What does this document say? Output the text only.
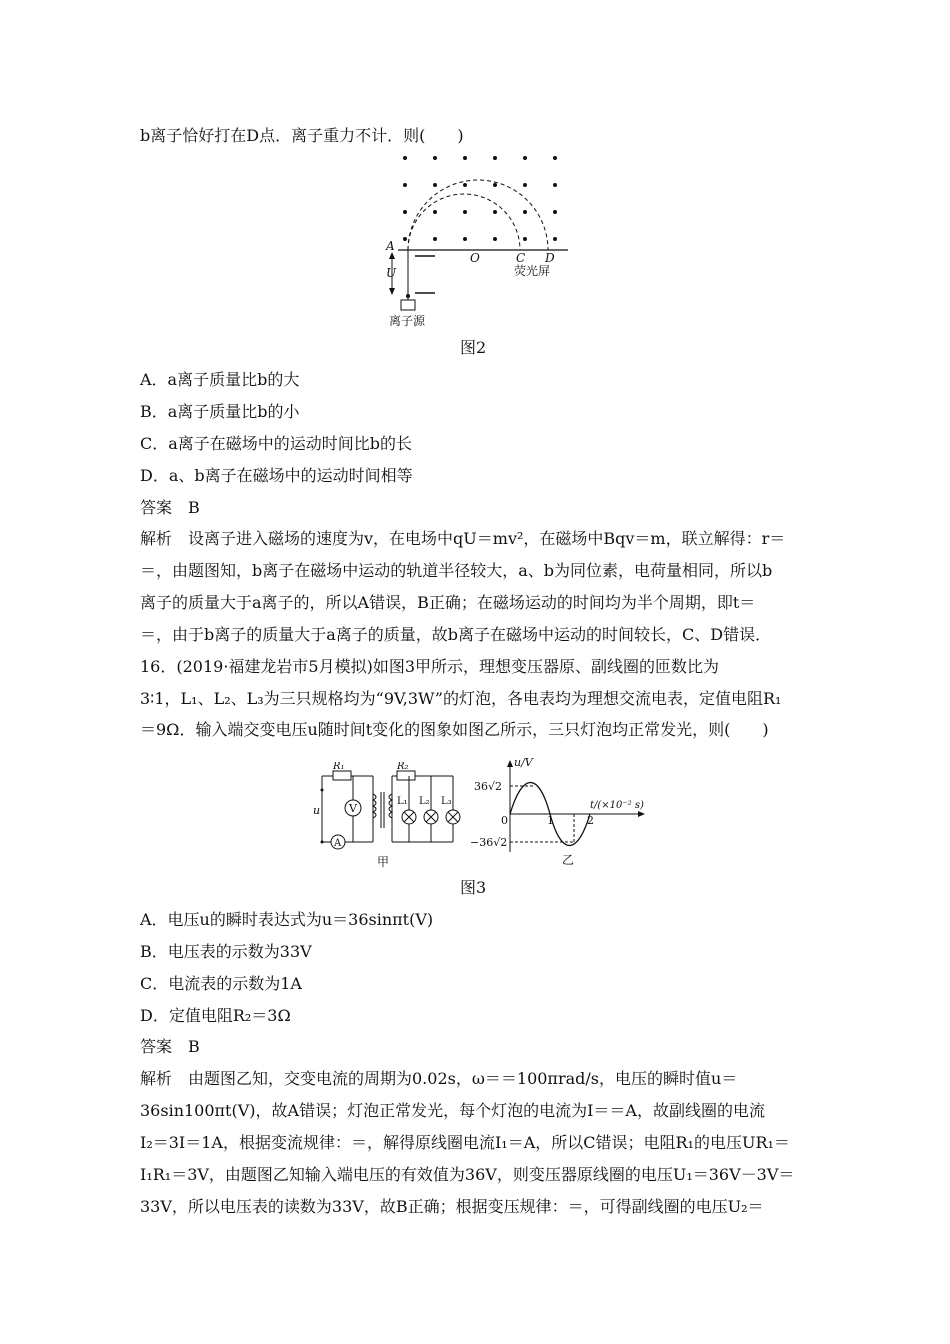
b离子恰好打在D点．离子重力不计．则(　　)
A
U
O	C D
荧光屏
离子源
图2
A．a离子质量比b的大
B．a离子质量比b的小
C．a离子在磁场中的运动时间比b的长
D．a、b离子在磁场中的运动时间相等
答案　B
解析　设离子进入磁场的速度为v，在电场中qU＝mv²，在磁场中Bqv＝m，联立解得：r＝
＝，由题图知，b离子在磁场中运动的轨道半径较大，a、b为同位素，电荷量相同，所以b
离子的质量大于a离子的，所以A错误，B正确；在磁场运动的时间均为半个周期，即t＝
＝，由于b离子的质量大于a离子的质量，故b离子在磁场中运动的时间较长，C、D错误．
16．(2019·福建龙岩市5月模拟)如图3甲所示，理想变压器原、副线圈的匝数比为
3∶1，L₁、L₂、L₃为三只规格均为“9V,3W”的灯泡，各电表均为理想交流电表，定值电阻R₁
＝9Ω．输入端交变电压u随时间t变化的图象如图乙所示，三只灯泡均正常发光，则(　　)
V
A
R₁	R₂
u
L₁ L₂ L₃
甲
u/V
36√2
−36√2
0	1	2
t/(×10⁻² s)
乙
图3
A．电压u的瞬时表达式为u＝36sinπt(V)
B．电压表的示数为33V
C．电流表的示数为1A
D．定值电阻R₂＝3Ω
答案　B
解析　由题图乙知，交变电流的周期为0.02s，ω＝＝100πrad/s，电压的瞬时值u＝
36sin100πt(V)，故A错误；灯泡正常发光，每个灯泡的电流为I＝＝A，故副线圈的电流
I₂＝3I＝1A，根据变流规律：＝，解得原线圈电流I₁＝A，所以C错误；电阻R₁的电压UR₁＝
I₁R₁＝3V，由题图乙知输入端电压的有效值为36V，则变压器原线圈的电压U₁＝36V－3V＝
33V，所以电压表的读数为33V，故B正确；根据变压规律：＝，可得副线圈的电压U₂＝
